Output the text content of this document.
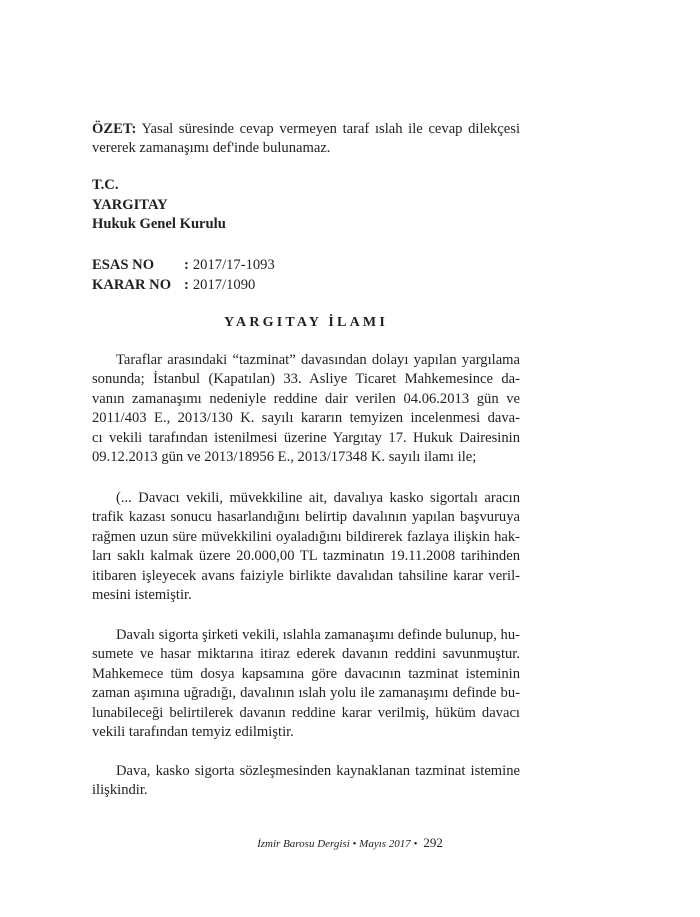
ÖZET: Yasal süresinde cevap vermeyen taraf ıslah ile cevap dilekçesi
vererek zamanaşımı def'inde bulunamaz.
T.C.
YARGITAY
Hukuk Genel Kurulu
ESAS NO	: 2017/17-1093
KARAR NO : 2017/1090
YARGITAY İLAMI
Taraflar arasındaki “tazminat” davasından dolayı yapılan yargılama
sonunda; İstanbul (Kapatılan) 33. Asliye Ticaret Mahkemesince da-
vanın zamanaşımı nedeniyle reddine dair verilen 04.06.2013 gün ve
2011/403 E., 2013/130 K. sayılı kararın temyizen incelenmesi dava-
cı vekili tarafından istenilmesi üzerine Yargıtay 17. Hukuk Dairesinin
09.12.2013 gün ve 2013/18956 E., 2013/17348 K. sayılı ilamı ile;
(... Davacı vekili, müvekkiline ait, davalıya kasko sigortalı aracın
trafik kazası sonucu hasarlandığını belirtip davalının yapılan başvuruya
rağmen uzun süre müvekkilini oyaladığını bildirerek fazlaya ilişkin hak-
ları saklı kalmak üzere 20.000,00 TL tazminatın 19.11.2008 tarihinden
itibaren işleyecek avans faiziyle birlikte davalıdan tahsiline karar veril-
mesini istemiştir.
Davalı sigorta şirketi vekili, ıslahla zamanaşımı definde bulunup, hu-
sumete ve hasar miktarına itiraz ederek davanın reddini savunmuştur.
Mahkemece tüm dosya kapsamına göre davacının tazminat isteminin
zaman aşımına uğradığı, davalının ıslah yolu ile zamanaşımı definde bu-
lunabileceği belirtilerek davanın reddine karar verilmiş, hüküm davacı
vekili tarafından temyiz edilmiştir.
Dava, kasko sigorta sözleşmesinden kaynaklanan tazminat istemine
ilişkindir.
İzmir Barosu Dergisi • Mayıs 2017 • 292
